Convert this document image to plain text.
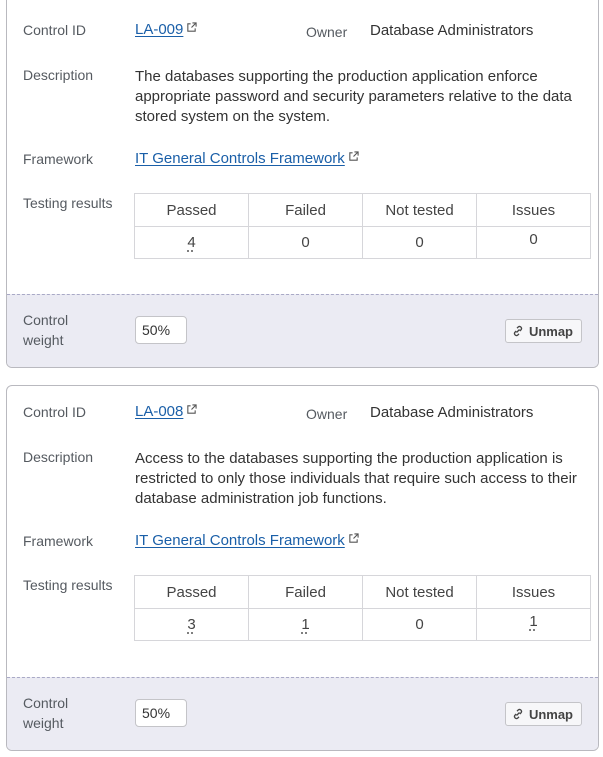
Control ID	LA-009	Owner Database Administrators
Description	The databases supporting the production application enforce appropriate password and security parameters relative to the data stored system on the system.
Framework	IT General Controls Framework
Testing results	Passed	Failed	Not tested	Issues
4	0	0	0
Control weight
50%
Unmap
Control ID	LA-008	Owner Database Administrators
Description	Access to the databases supporting the production application is restricted to only those individuals that require such access to their database administration job functions.
Framework	IT General Controls Framework
Testing results	Passed	Failed	Not tested	Issues
3	1	0	1
Control weight
50%
Unmap
